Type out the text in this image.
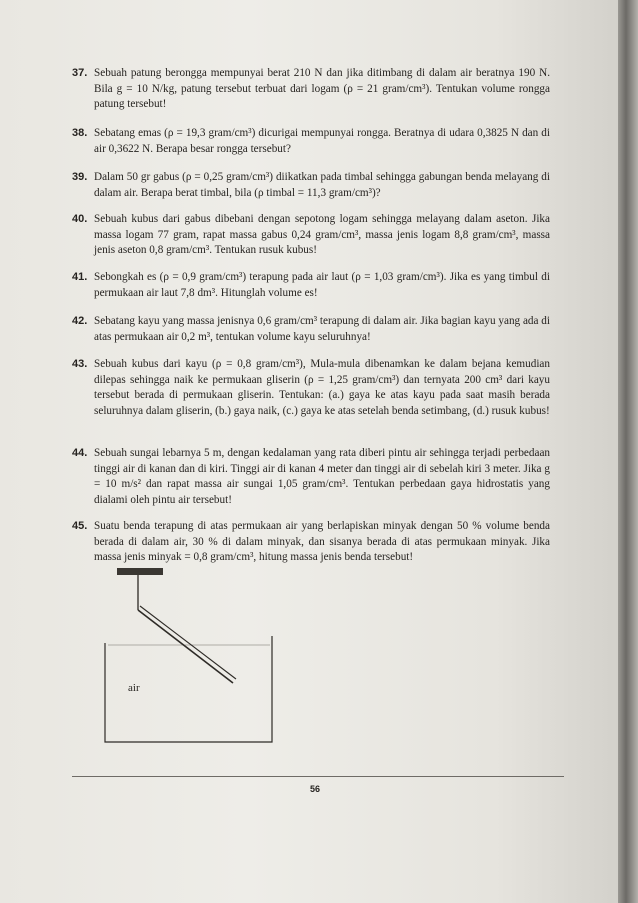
37. Sebuah patung berongga mempunyai berat 210 N dan jika ditimbang di dalam air beratnya 190 N. Bila g = 10 N/kg, patung tersebut terbuat dari logam (ρ = 21 gram/cm³). Tentukan volume rongga patung tersebut!
38. Sebatang emas (ρ = 19,3 gram/cm³) dicurigai mempunyai rongga. Beratnya di udara 0,3825 N dan di air 0,3622 N. Berapa besar rongga tersebut?
39. Dalam 50 gr gabus (ρ = 0,25 gram/cm³) diikatkan pada timbal sehingga gabungan benda melayang di dalam air. Berapa berat timbal, bila (ρ timbal = 11,3 gram/cm³)?
40. Sebuah kubus dari gabus dibebani dengan sepotong logam sehingga melayang dalam aseton. Jika massa logam 77 gram, rapat massa gabus 0,24 gram/cm³, massa jenis logam 8,8 gram/cm³, massa jenis aseton 0,8 gram/cm³. Tentukan rusuk kubus!
41. Sebongkah es (ρ = 0,9 gram/cm³) terapung pada air laut (ρ = 1,03 gram/cm³). Jika es yang timbul di permukaan air laut 7,8 dm³. Hitunglah volume es!
42. Sebatang kayu yang massa jenisnya 0,6 gram/cm³ terapung di dalam air. Jika bagian kayu yang ada di atas permukaan air 0,2 m³, tentukan volume kayu seluruhnya!
43. Sebuah kubus dari kayu (ρ = 0,8 gram/cm³), Mula-mula dibenamkan ke dalam bejana kemudian dilepas sehingga naik ke permukaan gliserin (ρ = 1,25 gram/cm³) dan ternyata 200 cm³ dari kayu tersebut berada di permukaan gliserin. Tentukan: (a.) gaya ke atas kayu pada saat masih berada seluruhnya dalam gliserin, (b.) gaya naik, (c.) gaya ke atas setelah benda setimbang, (d.) rusuk kubus!
44. Sebuah sungai lebarnya 5 m, dengan kedalaman yang rata diberi pintu air sehingga terjadi perbedaan tinggi air di kanan dan di kiri. Tinggi air di kanan 4 meter dan tinggi air di sebelah kiri 3 meter. Jika g = 10 m/s² dan rapat massa air sungai 1,05 gram/cm³. Tentukan perbedaan gaya hidrostatis yang dialami oleh pintu air tersebut!
45. Suatu benda terapung di atas permukaan air yang berlapiskan minyak dengan 50 % volume benda berada di dalam air, 30 % di dalam minyak, dan sisanya berada di atas permukaan minyak. Jika massa jenis minyak = 0,8 gram/cm³, hitung massa jenis benda tersebut!
air
56
